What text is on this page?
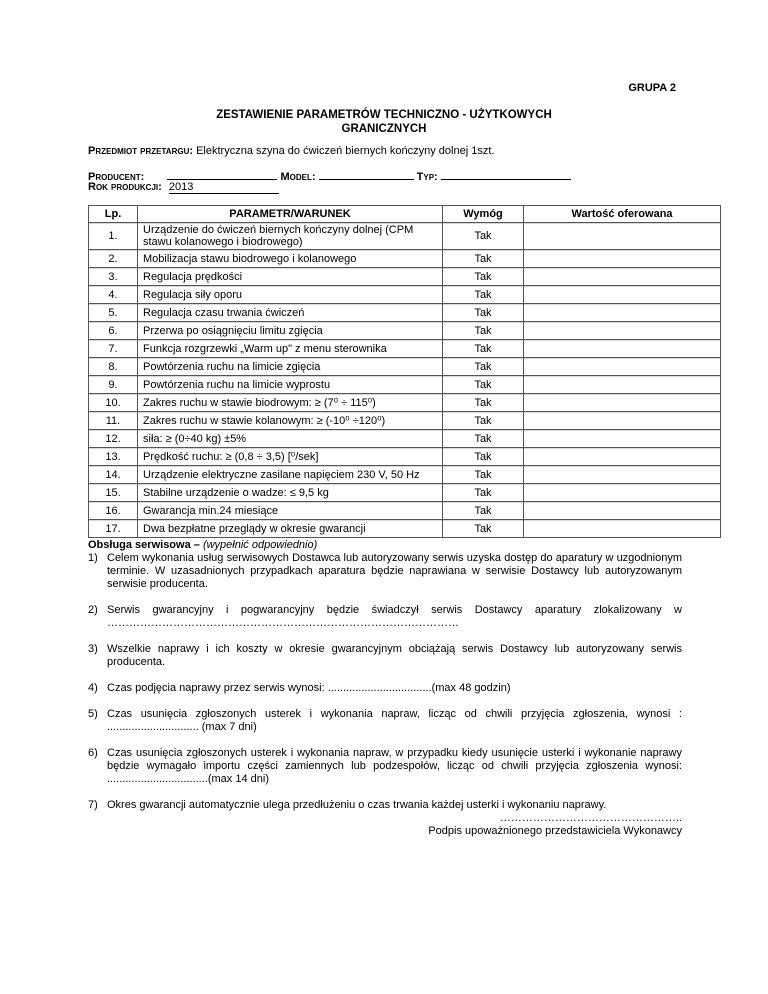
GRUPA 2
ZESTAWIENIE PARAMETRÓW TECHNICZNO - UŻYTKOWYCH
GRANICZNYCH
Przedmiot przetargu: Elektryczna szyna do ćwiczeń biernych kończyny dolnej 1szt.
Producent:	Model:	Typ:
Rok produkcji: 2013
Lp.	PARAMETR/WARUNEK	Wymóg	Wartość oferowana
1.	Urządzenie do ćwiczeń biernych kończyny dolnej (CPM stawu kolanowego i biodrowego)	Tak	
2.	Mobilizacja stawu biodrowego i kolanowego	Tak	
3.	Regulacja prędkości	Tak	
4.	Regulacja siły oporu	Tak	
5.	Regulacja czasu trwania ćwiczeń	Tak	
6.	Przerwa po osiągnięciu limitu zgięcia	Tak	
7.	Funkcja rozgrzewki „Warm up" z menu sterownika	Tak	
8.	Powtórzenia ruchu na limicie zgięcia	Tak	
9.	Powtórzenia ruchu na limicie wyprostu	Tak	
10.	Zakres ruchu w stawie biodrowym: ≥ (7⁰ ÷ 115⁰)	Tak	
11.	Zakres ruchu w stawie kolanowym: ≥ (-10⁰ ÷120⁰)	Tak	
12.	siła: ≥ (0÷40 kg) ±5%	Tak	
13.	Prędkość ruchu: ≥ (0,8 ÷ 3,5) [⁰/sek]	Tak	
14.	Urządzenie elektryczne zasilane napięciem 230 V, 50 Hz	Tak	
15.	Stabilne urządzenie o wadze: ≤ 9,5 kg	Tak	
16.	Gwarancja min.24 miesiące	Tak	
17.	Dwa bezpłatne przeglądy w okresie gwarancji	Tak	
Obsługa serwisowa – (wypełnić odpowiednio)
1) Celem wykonania usług serwisowych Dostawca lub autoryzowany serwis uzyska dostęp do aparatury w uzgodnionym terminie. W uzasadnionych przypadkach aparatura będzie naprawiana w serwisie Dostawcy lub autoryzowanym serwisie producenta.
2) Serwis gwarancyjny i pogwarancyjny będzie świadczył serwis Dostawcy aparatury zlokalizowany w ……………………………………………………………………………………
3) Wszelkie naprawy i ich koszty w okresie gwarancyjnym obciążają serwis Dostawcy lub autoryzowany serwis producenta.
4) Czas podjęcia naprawy przez serwis wynosi: ..................................(max 48 godzin)
5) Czas usunięcia zgłoszonych usterek i wykonania napraw, licząc od chwili przyjęcia zgłoszenia, wynosi : .............................. (max 7 dni)
6) Czas usunięcia zgłoszonych usterek i wykonania napraw, w przypadku kiedy usunięcie usterki i wykonanie naprawy będzie wymagało importu części zamiennych lub podzespołów, licząc od chwili przyjęcia zgłoszenia wynosi: .................................(max 14 dni)
7) Okres gwarancji automatycznie ulega przedłużeniu o czas trwania każdej usterki i wykonaniu naprawy.
…………………………………………..
Podpis upoważnionego przedstawiciela Wykonawcy
